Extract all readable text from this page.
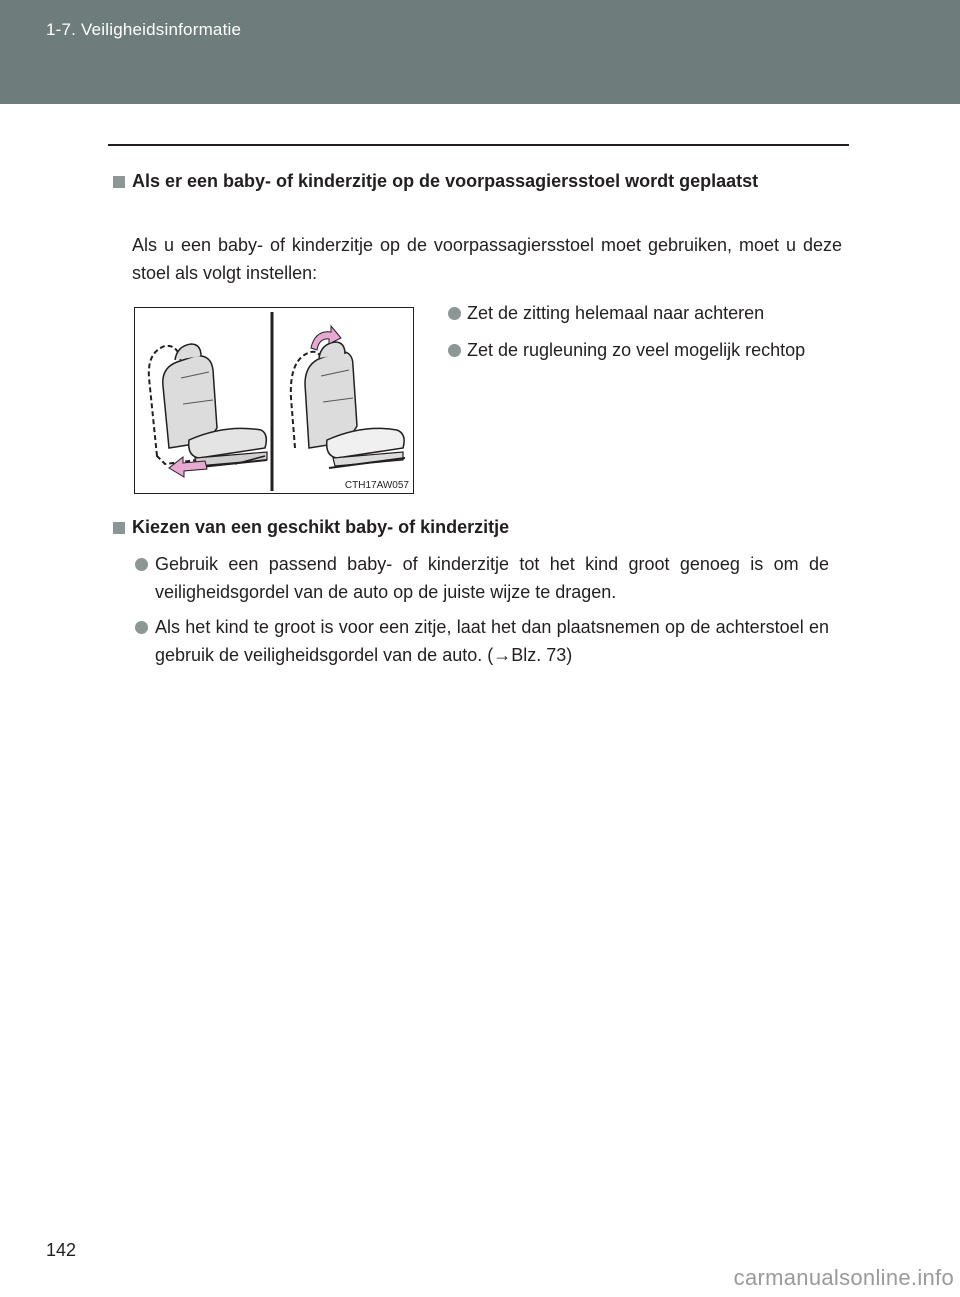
1-7. Veiligheidsinformatie
Als er een baby- of kinderzitje op de voorpassagiersstoel wordt geplaatst
Als u een baby- of kinderzitje op de voorpassagiersstoel moet gebruiken, moet u deze stoel als volgt instellen:
CTH17AW057
Zet de zitting helemaal naar achteren
Zet de rugleuning zo veel mogelijk rechtop
Kiezen van een geschikt baby- of kinderzitje
Gebruik een passend baby- of kinderzitje tot het kind groot genoeg is om de veiligheidsgordel van de auto op de juiste wijze te dragen.
Als het kind te groot is voor een zitje, laat het dan plaatsnemen op de achterstoel en gebruik de veiligheidsgordel van de auto. (→Blz. 73)
142
carmanualsonline.info
